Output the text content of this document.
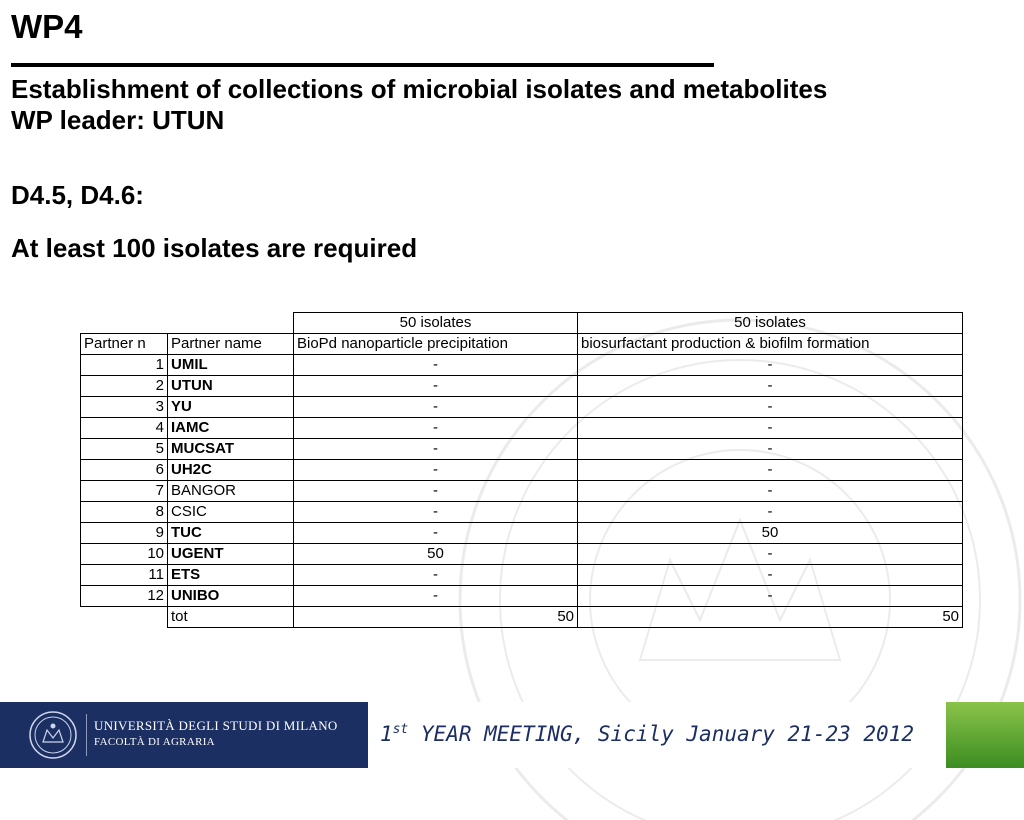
WP4
Establishment of collections of microbial isolates and metabolites
WP leader: UTUN
D4.5, D4.6:
At least 100 isolates are required
		50 isolates	50 isolates
Partner n	Partner name	BioPd nanoparticle precipitation	biosurfactant production & biofilm formation
1	UMIL	-	-
2	UTUN	-	-
3	YU	-	-
4	IAMC	-	-
5	MUCSAT	-	-
6	UH2C	-	-
7	BANGOR	-	-
8	CSIC	-	-
9	TUC	-	50
10	UGENT	50	-
11	ETS	-	-
12	UNIBO	-	-
	tot	50	50
UNIVERSITÀ DEGLI STUDI DI MILANO
FACOLTÀ DI AGRARIA	1st YEAR MEETING, Sicily January 21-23 2012
